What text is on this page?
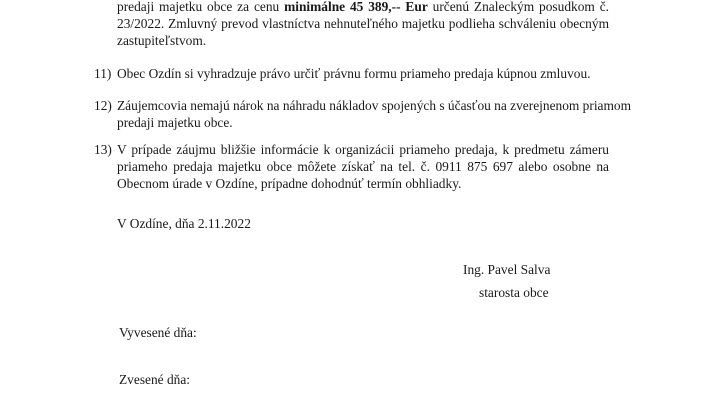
predaji majetku obce za cenu minimálne 45 389,-- Eur určenú Znaleckým posudkom č.
23/2022. Zmluvný prevod vlastníctva nehnuteľného majetku podlieha schváleniu obecným
zastupiteľstvom.
11) Obec Ozdín si vyhradzuje právo určiť právnu formu priameho predaja kúpnou zmluvou.
12) Záujemcovia nemajú nárok na náhradu nákladov spojených s účasťou na zverejnenom priamom
predaji majetku obce.
13) V prípade záujmu bližšie informácie k organizácii priameho predaja, k predmetu zámeru
priameho predaja majetku obce môžete získať na tel. č. 0911 875 697 alebo osobne na
Obecnom úrade v Ozdíne, prípadne dohodnúť termín obhliadky.
V Ozdíne, dňa 2.11.2022
Ing. Pavel Salva
starosta obce
Vyvesené dňa:
Zvesené dňa:
